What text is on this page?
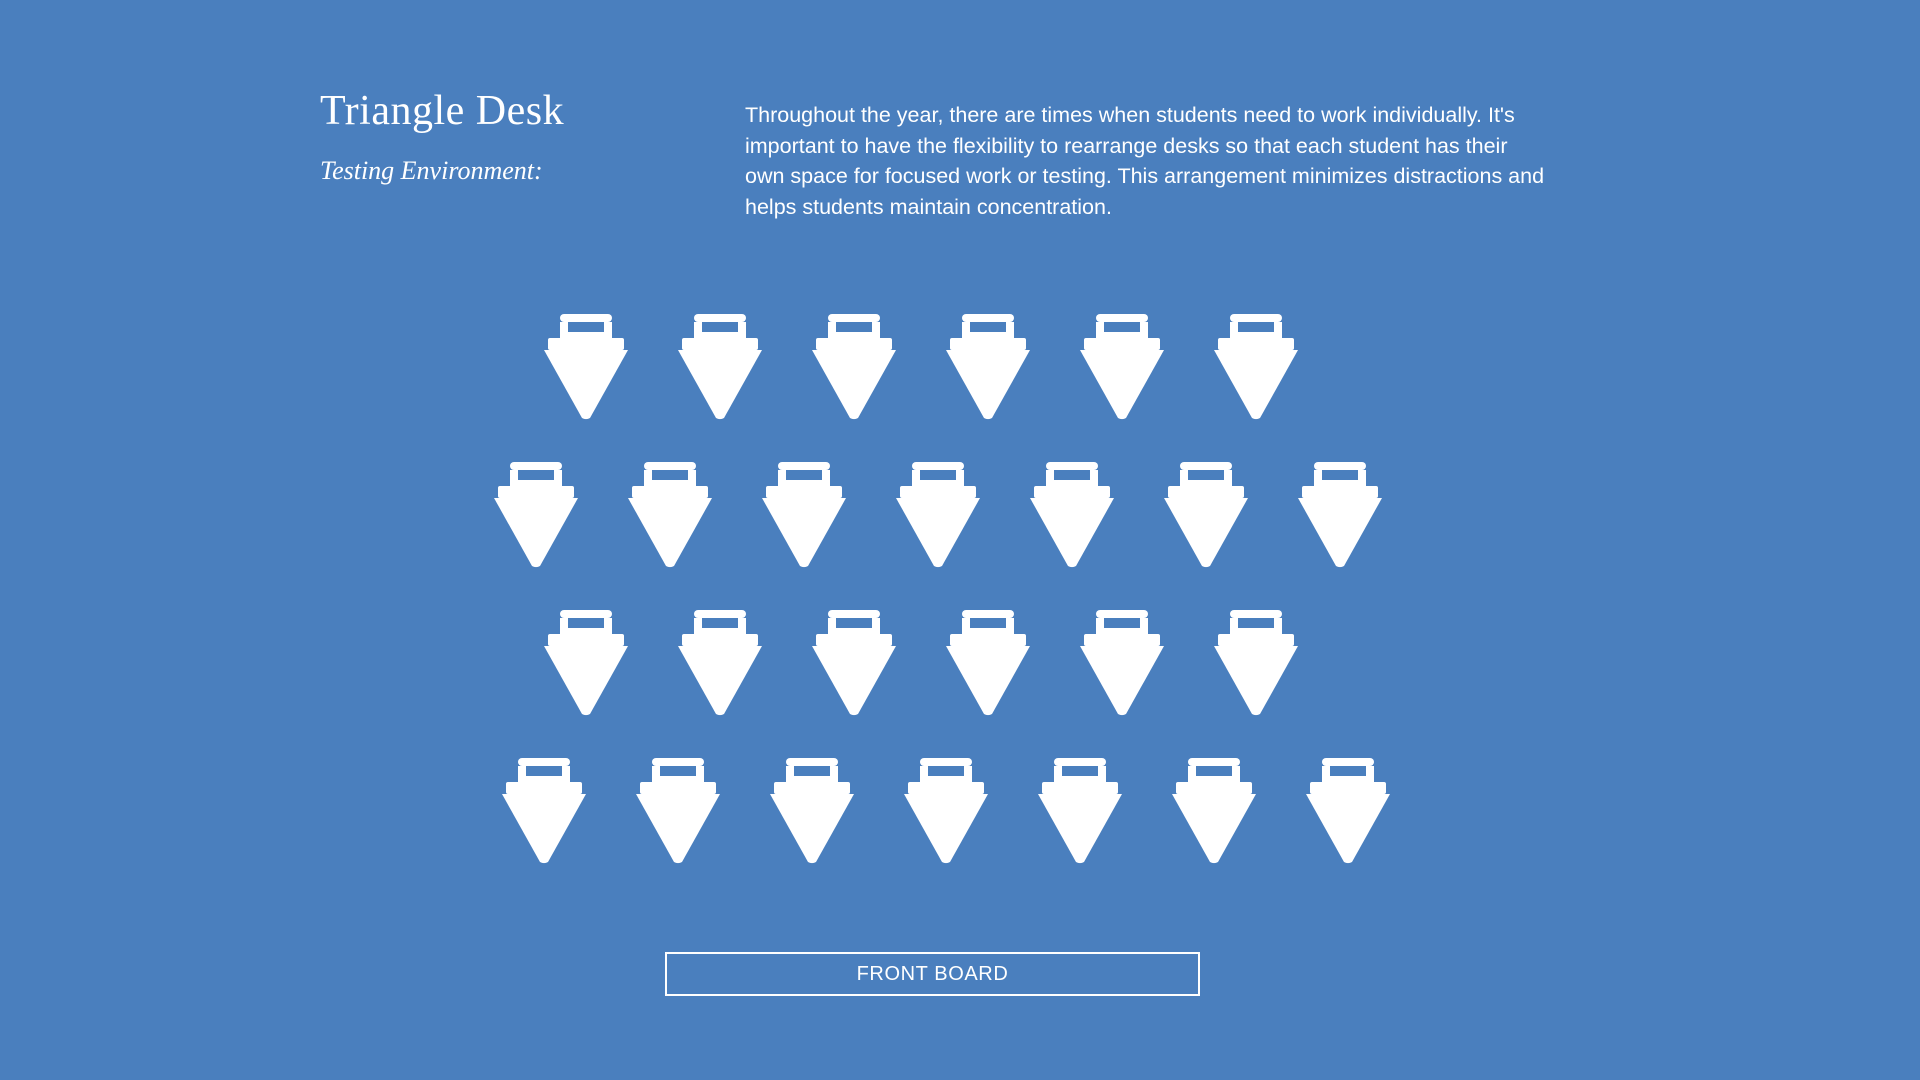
Triangle Desk
Testing Environment:
Throughout the year, there are times when students need to work individually. It's important to have the flexibility to rearrange desks so that each student has their own space for focused work or testing. This arrangement minimizes distractions and helps students maintain concentration.
FRONT BOARD
